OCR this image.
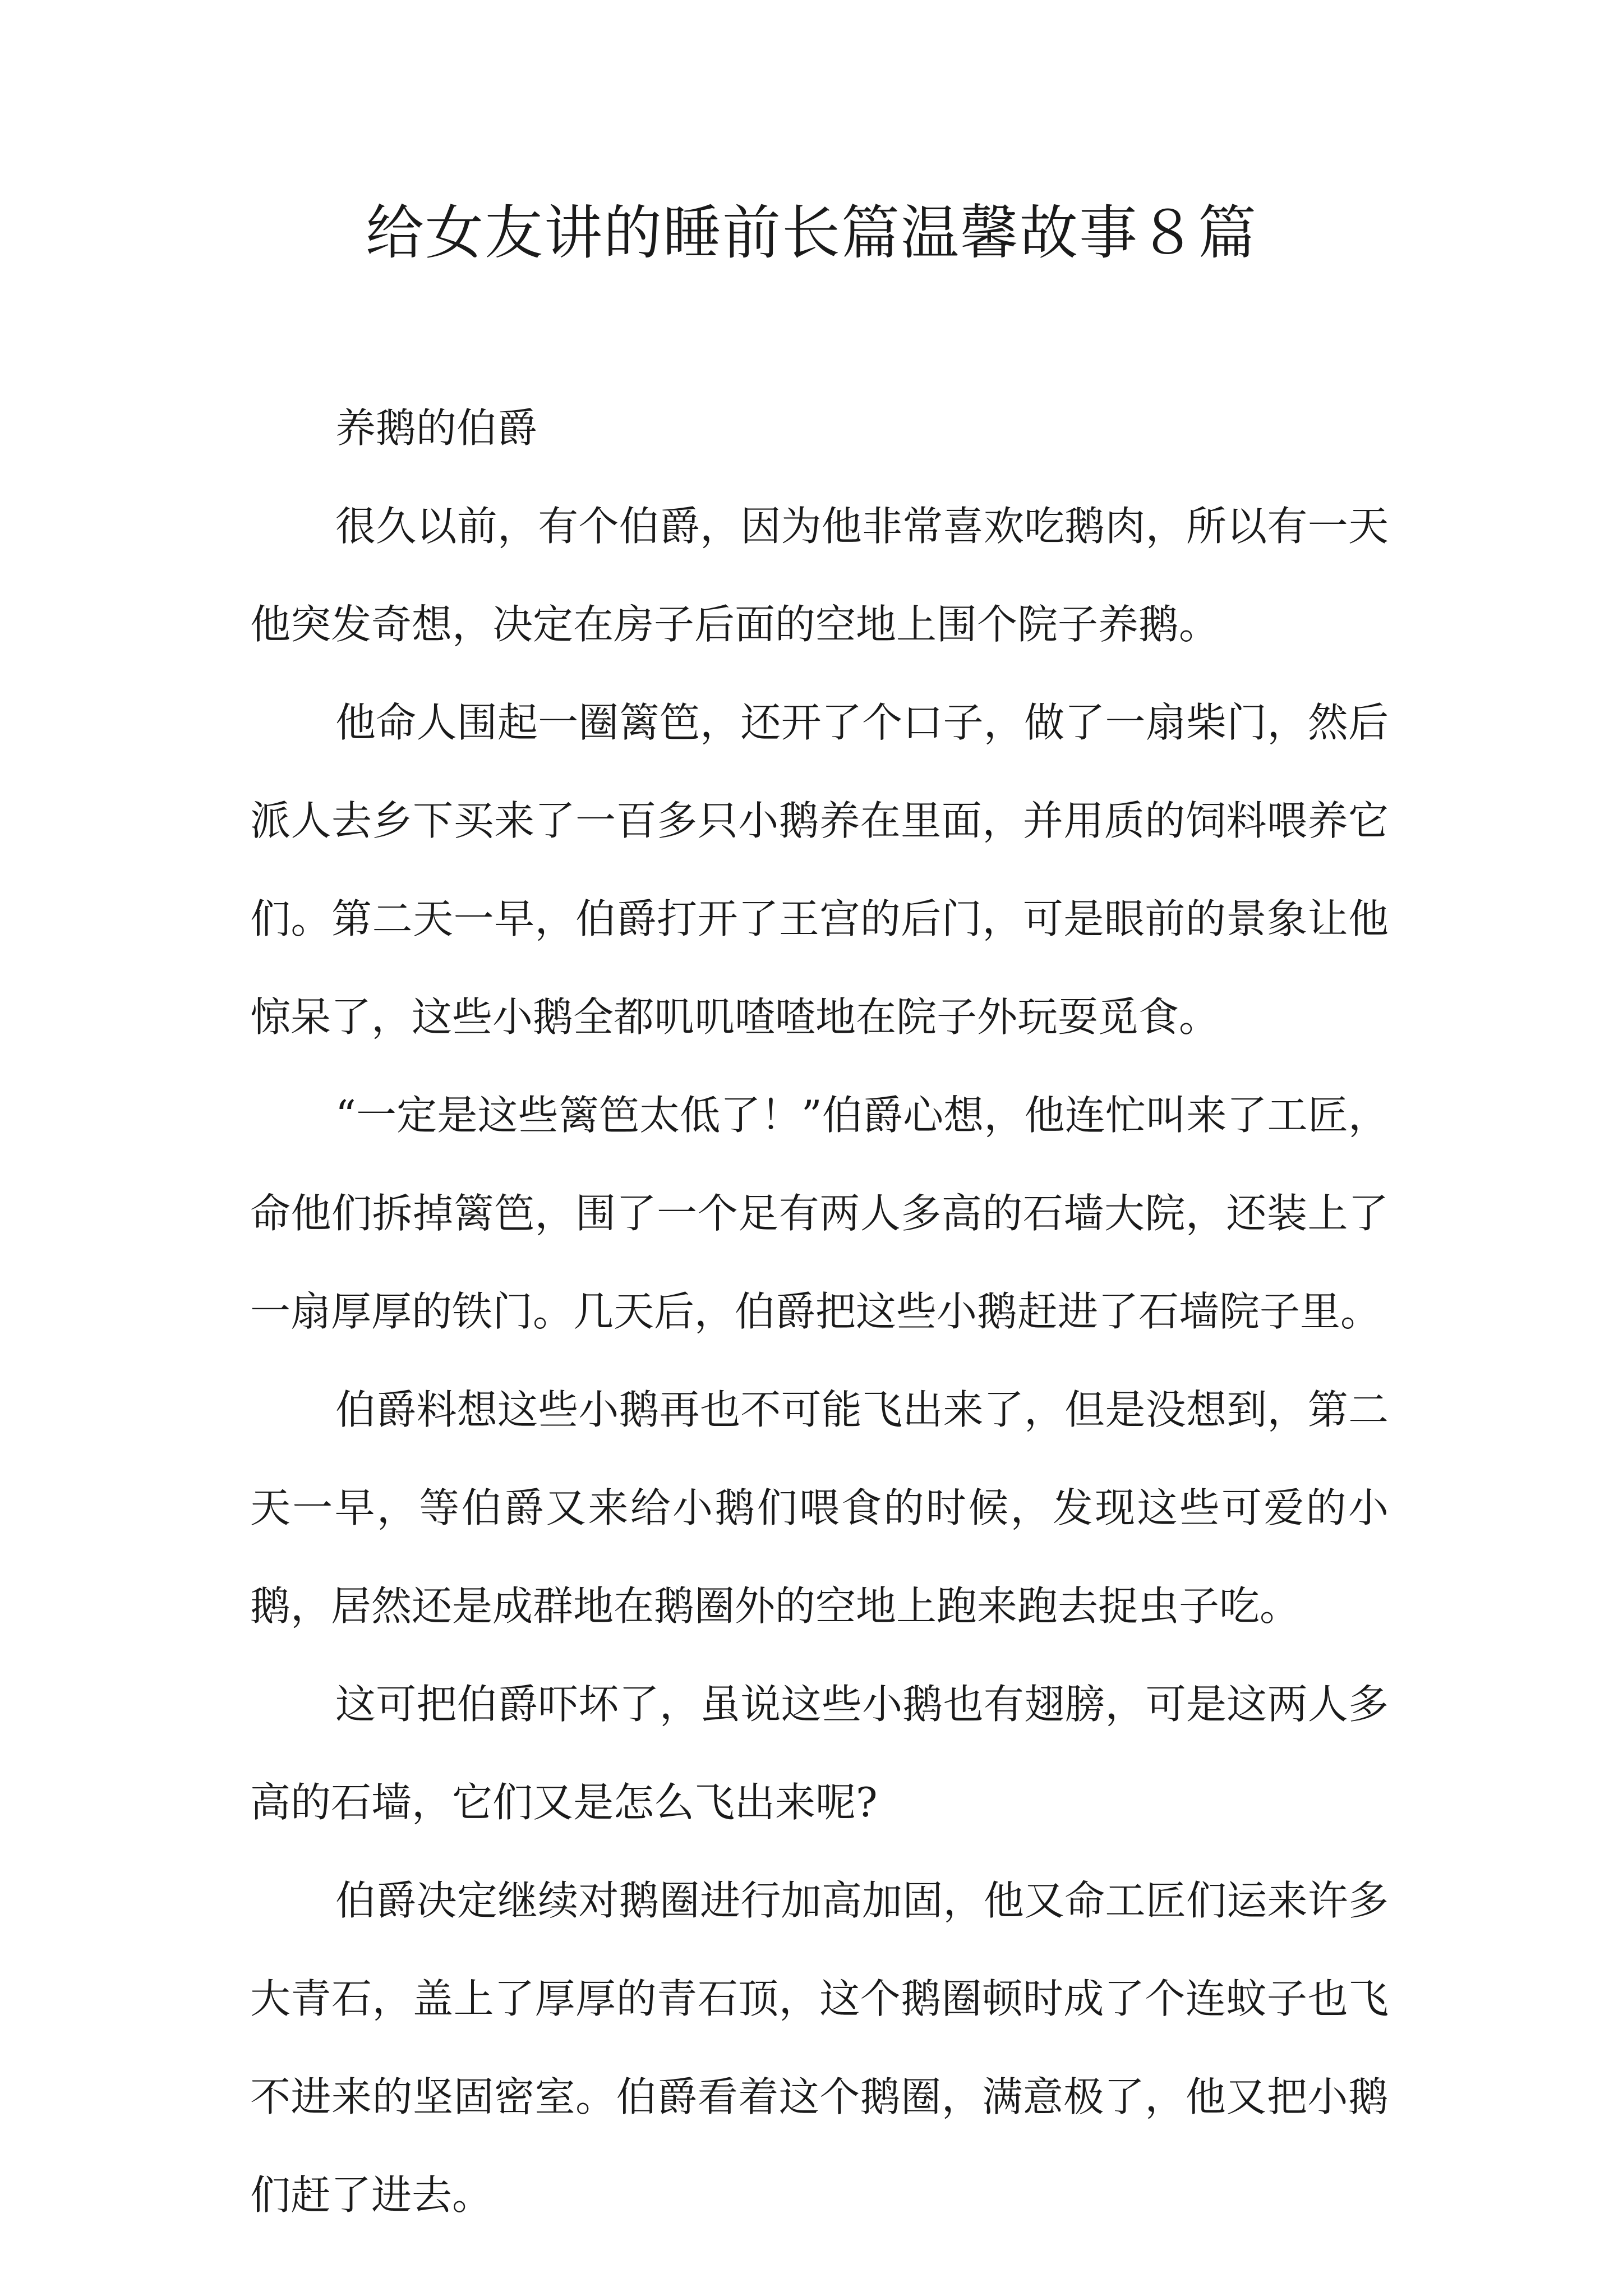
给女友讲的睡前长篇温馨故事８篇

养鹅的伯爵

很久以前，有个伯爵，因为他非常喜欢吃鹅肉，所以有一天他突发奇想，决定在房子后面的空地上围个院子养鹅。

他命人围起一圈篱笆，还开了个口子，做了一扇柴门，然后派人去乡下买来了一百多只小鹅养在里面，并用质的饲料喂养它们。第二天一早，伯爵打开了王宫的后门，可是眼前的景象让他惊呆了，这些小鹅全都叽叽喳喳地在院子外玩耍觅食。

“一定是这些篱笆太低了！”伯爵心想，他连忙叫来了工匠，命他们拆掉篱笆，围了一个足有两人多高的石墙大院，还装上了一扇厚厚的铁门。几天后，伯爵把这些小鹅赶进了石墙院子里。

伯爵料想这些小鹅再也不可能飞出来了，但是没想到，第二天一早，等伯爵又来给小鹅们喂食的时候，发现这些可爱的小鹅，居然还是成群地在鹅圈外的空地上跑来跑去捉虫子吃。

这可把伯爵吓坏了，虽说这些小鹅也有翅膀，可是这两人多高的石墙，它们又是怎么飞出来呢?

伯爵决定继续对鹅圈进行加高加固，他又命工匠们运来许多大青石，盖上了厚厚的青石顶，这个鹅圈顿时成了个连蚊子也飞不进来的坚固密室。伯爵看着这个鹅圈，满意极了，他又把小鹅们赶了进去。
